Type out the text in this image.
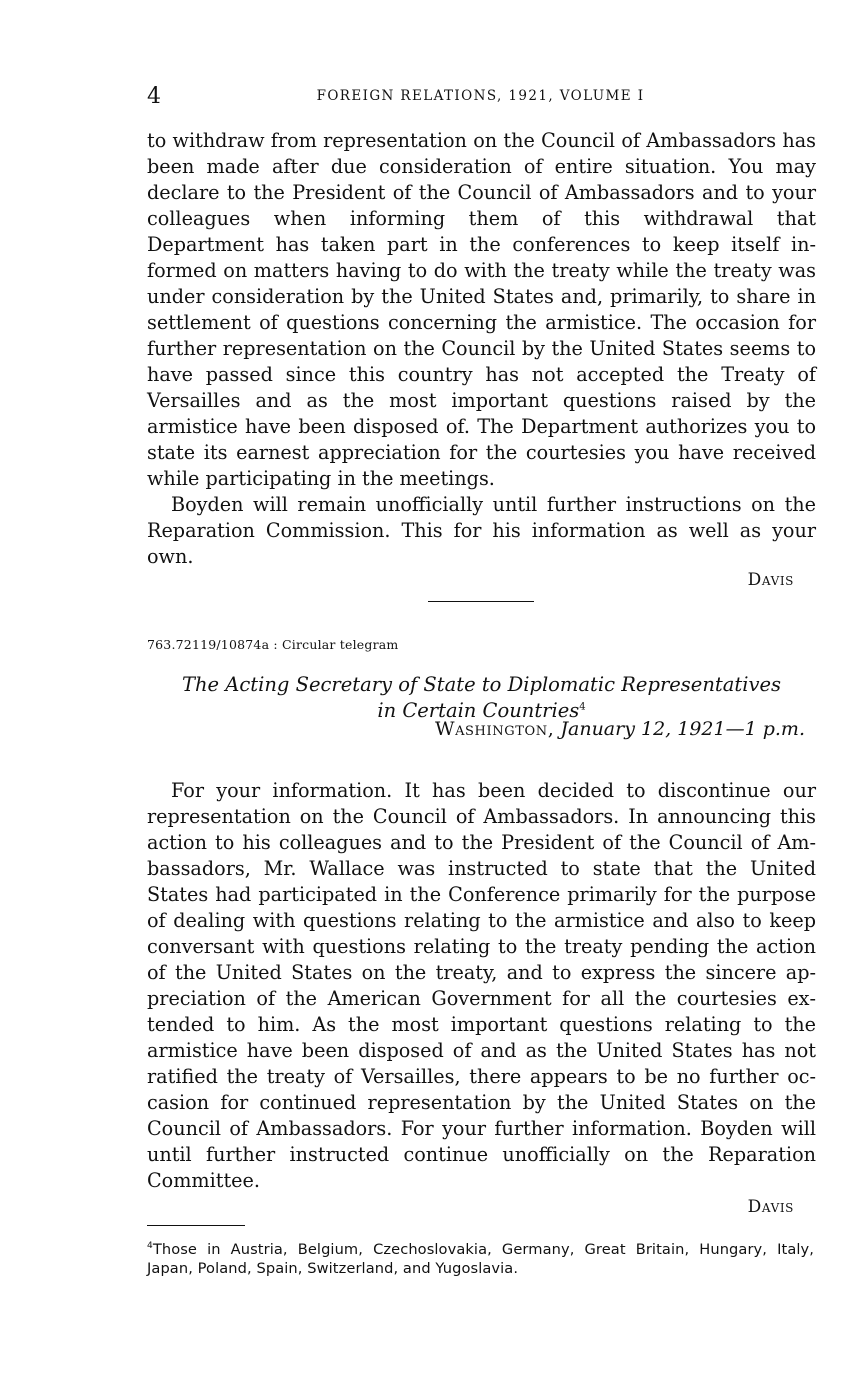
4	FOREIGN RELATIONS, 1921, VOLUME I

to withdraw from representation on the Council of Ambassadors has been made after due consideration of entire situation. You may declare to the President of the Council of Ambassadors and to your colleagues when informing them of this withdrawal that Department has taken part in the conferences to keep itself informed on matters having to do with the treaty while the treaty was under consideration by the United States and, primarily, to share in settlement of questions concerning the armistice. The occasion for further representation on the Council by the United States seems to have passed since this country has not accepted the Treaty of Versailles and as the most important questions raised by the armistice have been disposed of. The Department authorizes you to state its earnest appreciation for the courtesies you have received while participating in the meetings.

Boyden will remain unofficially until further instructions on the Reparation Commission. This for his information as well as your own.

Davis
763.72119/10874a : Circular telegram
The Acting Secretary of State to Diplomatic Representatives
in Certain Countries$^4$
Washington, January 12, 1921—1 p.m.

For your information. It has been decided to discontinue our representation on the Council of Ambassadors. In announcing this action to his colleagues and to the President of the Council of Ambassadors, Mr. Wallace was instructed to state that the United States had participated in the Conference primarily for the purpose of dealing with questions relating to the armistice and also to keep conversant with questions relating to the treaty pending the action of the United States on the treaty, and to express the sincere appreciation of the American Government for all the courtesies extended to him. As the most important questions relating to the armistice have been disposed of and as the United States has not ratified the treaty of Versailles, there appears to be no further occasion for continued representation by the United States on the Council of Ambassadors. For your further information. Boyden will until further instructed continue unofficially on the Reparation Committee.

Davis
$^4$Those in Austria, Belgium, Czechoslovakia, Germany, Great Britain, Hungary, Italy, Japan, Poland, Spain, Switzerland, and Yugoslavia.
